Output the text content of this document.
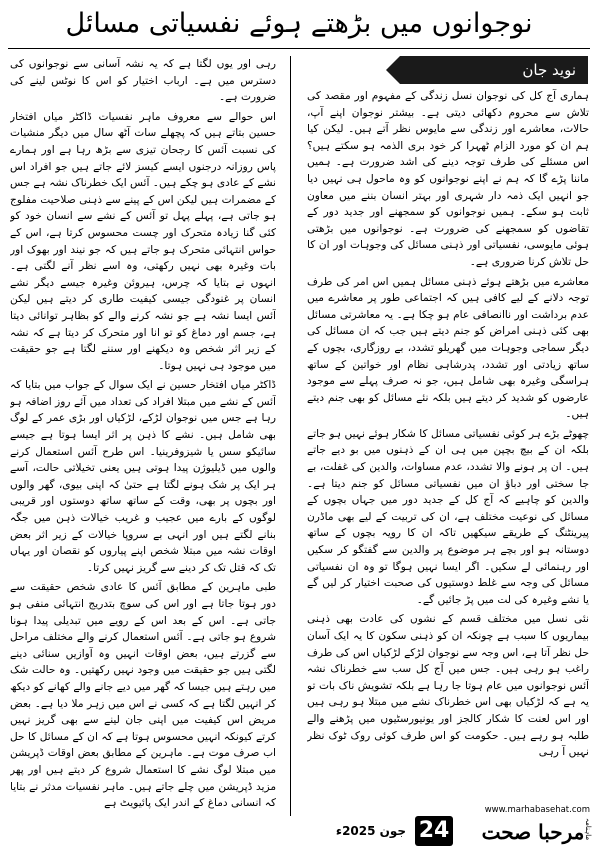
نوجوانوں میں بڑھتے ہوئے نفسیاتی مسائل
نوید جان

ہماری آج کل کی نوجوان نسل زندگی کے مفہوم اور مقصد کی تلاش سے محروم دکھائی دیتی ہے۔ بیشتر نوجوان اپنے آپ، حالات، معاشرے اور زندگی سے مایوس نظر آتے ہیں۔ لیکن کیا ہم ان کو مورد الزام ٹھہرا کر خود بری الذمہ ہو سکتے ہیں؟ اس مسئلے کی طرف توجہ دینے کی اشد ضرورت ہے۔ ہمیں ماننا پڑے گا کہ ہم نے اپنے نوجوانوں کو وہ ماحول ہی نہیں دیا جو انہیں ایک ذمہ دار شہری اور بہتر انسان بننے میں معاون ثابت ہو سکے۔ ہمیں نوجوانوں کو سمجھنے اور جدید دور کے تقاضوں کو سمجھنے کی ضرورت ہے۔ نوجوانوں میں بڑھتی ہوئی مایوسی، نفسیاتی اور ذہنی مسائل کی وجوہات اور ان کا حل تلاش کرنا ضروری ہے۔

معاشرے میں بڑھتے ہوئے ذہنی مسائل ہمیں اس امر کی طرف توجہ دلانے کے لیے کافی ہیں کہ اجتماعی طور پر معاشرے میں عدم برداشت اور ناانصافی عام ہو چکا ہے۔ یہ معاشرتی مسائل بھی کئی ذہنی امراض کو جنم دیتے ہیں جب کہ ان مسائل کی دیگر سماجی وجوہات میں گھریلو تشدد، بے روزگاری، بچوں کے ساتھ زیادتی اور تشدد، پدرشاہی نظام اور خواتین کے ساتھ ہراسگی وغیرہ بھی شامل ہیں، جو نہ صرف پہلے سے موجود عارضوں کو شدید کر دیتے ہیں بلکہ نئے مسائل کو بھی جنم دیتے ہیں۔

چھوٹے بڑے ہر کوئی نفسیاتی مسائل کا شکار ہوئے نہیں ہو جاتے بلکہ ان کے بیچ بچپن میں ہی ان کے ذہنوں میں بو دیے جاتے ہیں۔ ان پر ہونے والا تشدد، عدم مساوات، والدین کی غفلت، بے جا سختی اور دباؤ ان میں نفسیاتی مسائل کو جنم دیتا ہے۔ والدین کو چاہیے کہ آج کل کے جدید دور میں جہاں بچوں کے مسائل کی نوعیت مختلف ہے، ان کی تربیت کے لیے بھی ماڈرن پیرینٹنگ کے طریقے سیکھیں تاکہ ان کا رویہ بچوں کے ساتھ دوستانہ ہو اور بچے ہر موضوع پر والدین سے گفتگو کر سکیں اور رہنمائی لے سکیں۔ اگر ایسا نہیں ہوگا تو وہ ان نفسیاتی مسائل کی وجہ سے غلط دوستیوں کی صحبت اختیار کر لیں گے یا نشے وغیرہ کی لت میں پڑ جائیں گے۔

نئی نسل میں مختلف قسم کے نشوں کی عادت بھی ذہنی بیماریوں کا سبب ہے چونکہ ان کو ذہنی سکون کا یہ ایک آسان حل نظر آتا ہے، اس وجہ سے نوجوان لڑکے لڑکیاں اس کی طرف راغب ہو رہی ہیں۔ جس میں آج کل سب سے خطرناک نشہ آئس نوجوانوں میں عام ہوتا جا رہا ہے بلکہ تشویش ناک بات تو یہ ہے کہ لڑکیاں بھی اس خطرناک نشے میں مبتلا ہو رہی ہیں اور اس لعنت کا شکار کالجز اور یونیورسٹیوں میں پڑھنے والے طلبہ ہو رہے ہیں۔ حکومت کو اس طرف کوئی روک ٹوک نظر نہیں آ رہی

رہی اور یوں لگتا ہے کہ یہ نشہ آسانی سے نوجوانوں کی دسترس میں ہے۔ ارباب اختیار کو اس کا نوٹس لینے کی ضرورت ہے۔

اس حوالے سے معروف ماہر نفسیات ڈاکٹر میاں افتخار حسین بتاتے ہیں کہ پچھلے سات آٹھ سال میں دیگر منشیات کی نسبت آئس کا رجحان تیزی سے بڑھ رہا ہے اور ہمارے پاس روزانہ درجنوں ایسے کیسز لائے جاتے ہیں جو افراد اس نشے کے عادی ہو چکے ہیں۔ آئس ایک خطرناک نشہ ہے جس کے مضمرات ہیں لیکن اس کے پینے سے ذہنی صلاحیت مفلوج ہو جاتی ہے، پہلے پہل تو آئس کے نشے سے انسان خود کو کئی گنا زیادہ متحرک اور چست محسوس کرتا ہے، اس کے حواس انتہائی متحرک ہو جاتے ہیں کہ جو نیند اور بھوک اور بات وغیرہ بھی نہیں رکھتی، وہ اسے نظر آنے لگتی ہے۔ انہوں نے بتایا کہ چرس، ہیروئن وغیرہ جیسے دیگر نشے انسان پر غنودگی جیسی کیفیت طاری کر دیتے ہیں لیکن آئس ایسا نشہ ہے جو نشہ کرنے والے کو بظاہر توانائی دیتا ہے، جسم اور دماغ کو تو انا اور متحرک کر دیتا ہے کہ نشہ کے زیر اثر شخص وہ دیکھنے اور سننے لگتا ہے جو حقیقت میں موجود ہی نہیں ہوتا۔

ڈاکٹر میاں افتخار حسین نے ایک سوال کے جواب میں بتایا کہ آئس کے نشے میں مبتلا افراد کی تعداد میں آئے روز اضافہ ہو رہا ہے جس میں نوجوان لڑکے، لڑکیاں اور بڑی عمر کے لوگ بھی شامل ہیں۔ نشے کا ذہن پر اثر ایسا ہوتا ہے جیسے سائیکو سس یا شیزوفرینیا۔ اس طرح آئس استعمال کرنے والوں میں ڈیلیوژن پیدا ہوتی ہیں یعنی تخیلاتی حالت، آسے ہر ایک پر شک ہونے لگتا ہے حتیٰ کہ اپنی بیوی، گھر والوں اور بچوں پر بھی، وقت کے ساتھ ساتھ دوستوں اور قریبی لوگوں کے بارے میں عجیب و غریب خیالات ذہن میں جگہ بنانے لگتے ہیں اور انہی بے سروپا خیالات کے زیر اثر بعض اوقات نشہ میں مبتلا شخص اپنے پیاروں کو نقصان اور یہاں تک کہ قتل تک کر دینے سے گریز نہیں کرتا۔

طبی ماہرین کے مطابق آئس کا عادی شخص حقیقت سے دور ہوتا جاتا ہے اور اس کی سوچ بتدریج انتہائی منفی ہو جاتی ہے۔ اس کے بعد اس کے رویے میں تبدیلی پیدا ہونا شروع ہو جاتی ہے۔ آئس استعمال کرنے والے مختلف مراحل سے گزرتے ہیں، بعض اوقات انہیں وہ آوازیں سنائی دینے لگتی ہیں جو حقیقت میں وجود نہیں رکھتیں۔ وہ حالت شک میں رہتے ہیں جیسا کہ گھر میں دیے جانے والے کھانے کو دیکھ کر انہیں لگتا ہے کہ کسی نے اس میں زہر ملا دیا ہے۔ بعض مریض اس کیفیت میں اپنی جان لینے سے بھی گریز نہیں کرتے کیونکہ انہیں محسوس ہوتا ہے کہ ان کے مسائل کا حل اب صرف موت ہے۔ ماہرین کے مطابق بعض اوقات ڈپریشن میں مبتلا لوگ نشے کا استعمال شروع کر دیتے ہیں اور پھر مزید ڈپریشن میں چلے جاتے ہیں۔ ماہر نفسیات مدثر نے بتایا کہ انسانی دماغ کے اندر ایک پائیویٹ ہے

www.marhabasehat.com
جون 2025ء 24	مرحبا صحت ماہنامہ
